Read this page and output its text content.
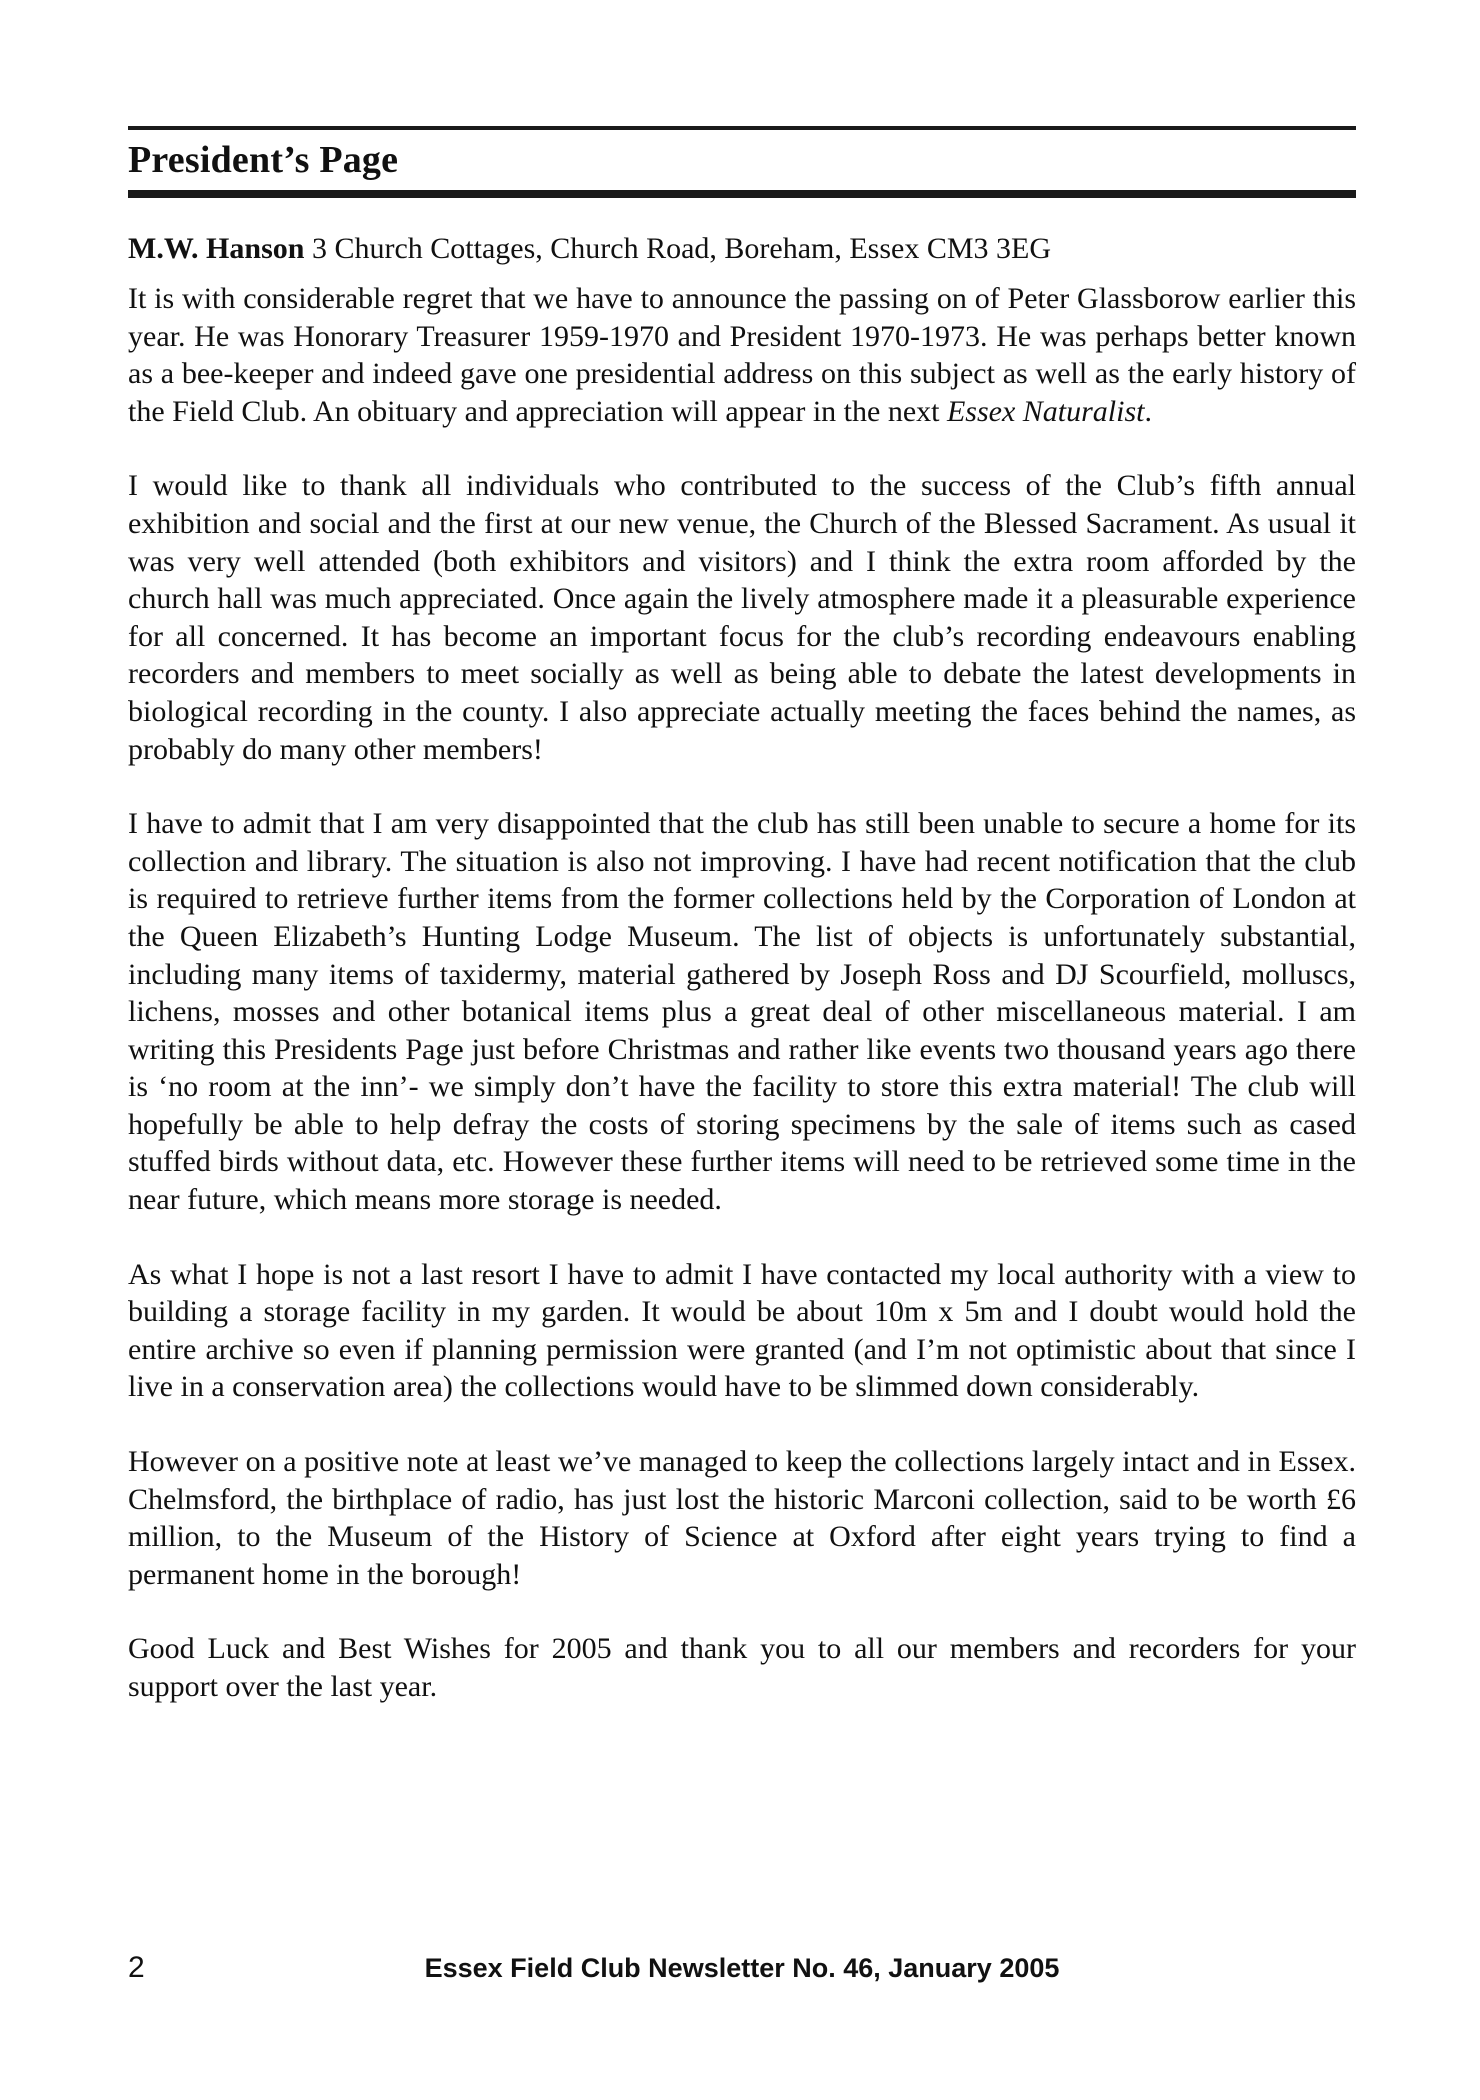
President’s Page
M.W. Hanson 3 Church Cottages, Church Road, Boreham, Essex CM3 3EG

It is with considerable regret that we have to announce the passing on of Peter Glassborow earlier this year. He was Honorary Treasurer 1959-1970 and President 1970-1973. He was perhaps better known as a bee-keeper and indeed gave one presidential address on this subject as well as the early history of the Field Club. An obituary and appreciation will appear in the next Essex Naturalist.

I would like to thank all individuals who contributed to the success of the Club’s fifth annual exhibition and social and the first at our new venue, the Church of the Blessed Sacrament. As usual it was very well attended (both exhibitors and visitors) and I think the extra room afforded by the church hall was much appreciated. Once again the lively atmosphere made it a pleasurable experience for all concerned. It has become an important focus for the club’s recording endeavours enabling recorders and members to meet socially as well as being able to debate the latest developments in biological recording in the county. I also appreciate actually meeting the faces behind the names, as probably do many other members!

I have to admit that I am very disappointed that the club has still been unable to secure a home for its collection and library. The situation is also not improving. I have had recent notification that the club is required to retrieve further items from the former collections held by the Corporation of London at the Queen Elizabeth’s Hunting Lodge Museum. The list of objects is unfortunately substantial, including many items of taxidermy, material gathered by Joseph Ross and DJ Scourfield, molluscs, lichens, mosses and other botanical items plus a great deal of other miscellaneous material. I am writing this Presidents Page just before Christmas and rather like events two thousand years ago there is ‘no room at the inn’- we simply don’t have the facility to store this extra material! The club will hopefully be able to help defray the costs of storing specimens by the sale of items such as cased stuffed birds without data, etc. However these further items will need to be retrieved some time in the near future, which means more storage is needed.

As what I hope is not a last resort I have to admit I have contacted my local authority with a view to building a storage facility in my garden. It would be about 10m x 5m and I doubt would hold the entire archive so even if planning permission were granted (and I’m not optimistic about that since I live in a conservation area) the collections would have to be slimmed down considerably.

However on a positive note at least we’ve managed to keep the collections largely intact and in Essex. Chelmsford, the birthplace of radio, has just lost the historic Marconi collection, said to be worth £6 million, to the Museum of the History of Science at Oxford after eight years trying to find a permanent home in the borough!

Good Luck and Best Wishes for 2005 and thank you to all our members and recorders for your support over the last year.

2	Essex Field Club Newsletter No. 46, January 2005
